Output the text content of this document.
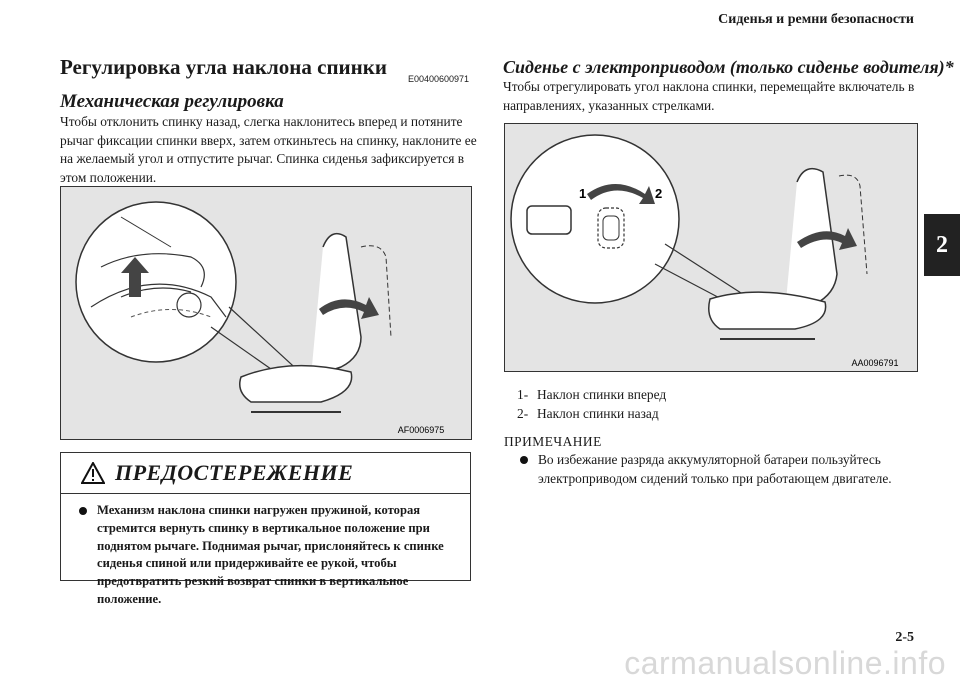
Сиденья и ремни безопасности
2
Регулировка угла наклона спинки E00400600971
Механическая регулировка
Чтобы отклонить спинку назад, слегка наклонитесь вперед и потяните рычаг фиксации спинки вверх, затем откиньтесь на спинку, наклоните ее на желаемый угол и отпустите рычаг. Спинка сиденья зафиксируется в этом положении.
AF0006975
ПРЕДОСТЕРЕЖЕНИЕ
Механизм наклона спинки нагружен пружиной, которая стремится вернуть спинку в вертикальное положение при поднятом рычаге. Поднимая рычаг, прислоняйтесь к спинке сиденья спиной или придерживайте ее рукой, чтобы предотвратить резкий возврат спинки в вертикальное положение.
Сиденье с электроприводом (только сиденье водителя)*
Чтобы отрегулировать угол наклона спинки, перемещайте включатель в направлениях, указанных стрелками.
1	2
AA0096791
1- Наклон спинки вперед
2- Наклон спинки назад
ПРИМЕЧАНИЕ
Во избежание разряда аккумуляторной батареи пользуйтесь электроприводом сидений только при работающем двигателе.
2-5
carmanualsonline.info
